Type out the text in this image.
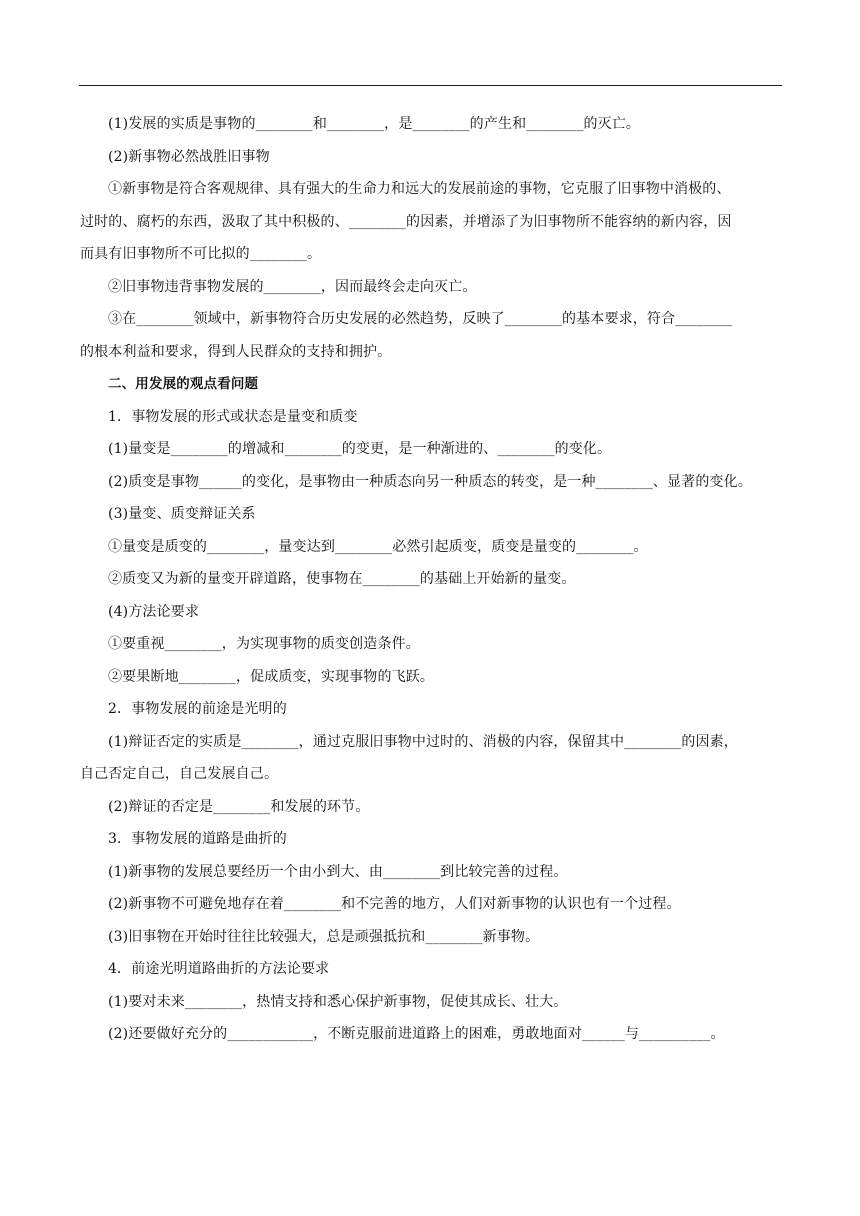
(1)发展的实质是事物的________和________，是________的产生和________的灭亡。
(2)新事物必然战胜旧事物
①新事物是符合客观规律、具有强大的生命力和远大的发展前途的事物，它克服了旧事物中消极的、
过时的、腐朽的东西，汲取了其中积极的、________的因素，并增添了为旧事物所不能容纳的新内容，因
而具有旧事物所不可比拟的________。
②旧事物违背事物发展的________，因而最终会走向灭亡。
③在________领域中，新事物符合历史发展的必然趋势，反映了________的基本要求，符合________
的根本利益和要求，得到人民群众的支持和拥护。
二、用发展的观点看问题
1．事物发展的形式或状态是量变和质变
(1)量变是________的增减和________的变更，是一种渐进的、________的变化。
(2)质变是事物______的变化，是事物由一种质态向另一种质态的转变，是一种________、显著的变化。
(3)量变、质变辩证关系
①量变是质变的________，量变达到________必然引起质变，质变是量变的________。
②质变又为新的量变开辟道路，使事物在________的基础上开始新的量变。
(4)方法论要求
①要重视________，为实现事物的质变创造条件。
②要果断地________，促成质变，实现事物的飞跃。
2．事物发展的前途是光明的
(1)辩证否定的实质是________，通过克服旧事物中过时的、消极的内容，保留其中________的因素，
自己否定自己，自己发展自己。
(2)辩证的否定是________和发展的环节。
3．事物发展的道路是曲折的
(1)新事物的发展总要经历一个由小到大、由________到比较完善的过程。
(2)新事物不可避免地存在着________和不完善的地方，人们对新事物的认识也有一个过程。
(3)旧事物在开始时往往比较强大，总是顽强抵抗和________新事物。
4．前途光明道路曲折的方法论要求
(1)要对未来________，热情支持和悉心保护新事物，促使其成长、壮大。
(2)还要做好充分的____________，不断克服前进道路上的困难，勇敢地面对______与__________。
